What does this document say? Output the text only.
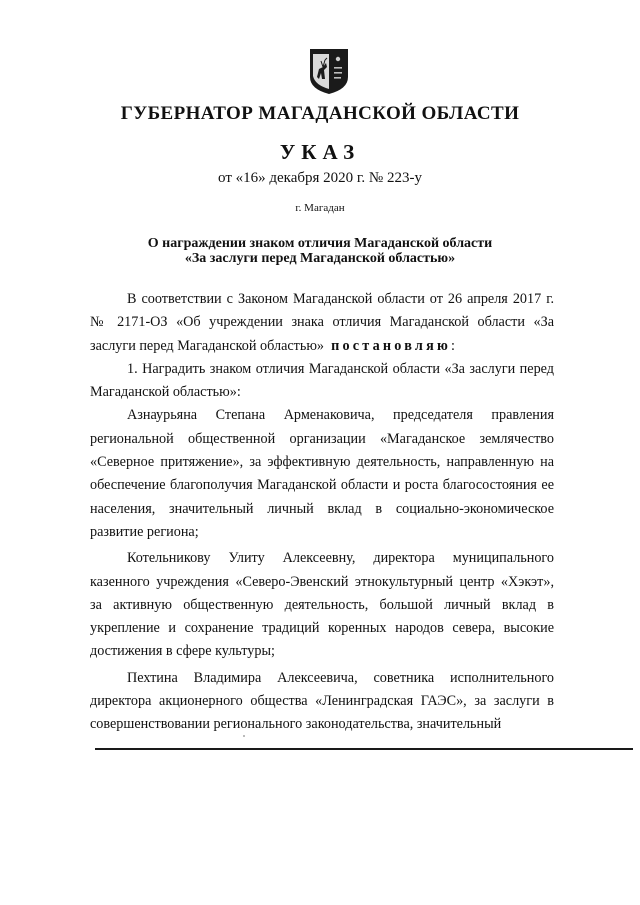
ГУБЕРНАТОР МАГАДАНСКОЙ ОБЛАСТИ
УКАЗ
от «16» декабря 2020 г. № 223-у
г. Магадан
О награждении знаком отличия Магаданской области
«За заслуги перед Магаданской областью»

В соответствии с Законом Магаданской области от 26 апреля 2017 г. № 2171-ОЗ «Об учреждении знака отличия Магаданской области «За заслуги перед Магаданской областью» постановляю:

1. Наградить знаком отличия Магаданской области «За заслуги перед Магаданской областью»:

Азнаурьяна Степана Арменаковича, председателя правления региональной общественной организации «Магаданское землячество «Северное притяжение», за эффективную деятельность, направленную на обеспечение благополучия Магаданской области и роста благосостояния ее населения, значительный личный вклад в социально-экономическое развитие региона;

Котельникову Улиту Алексеевну, директора муниципального казенного учреждения «Северо-Эвенский этнокультурный центр «Хэкэт», за активную общественную деятельность, большой личный вклад в укрепление и сохранение традиций коренных народов севера, высокие достижения в сфере культуры;

Пехтина Владимира Алексеевича, советника исполнительного директора акционерного общества «Ленинградская ГАЭС», за заслуги в совершенствовании регионального законодательства, значительный
